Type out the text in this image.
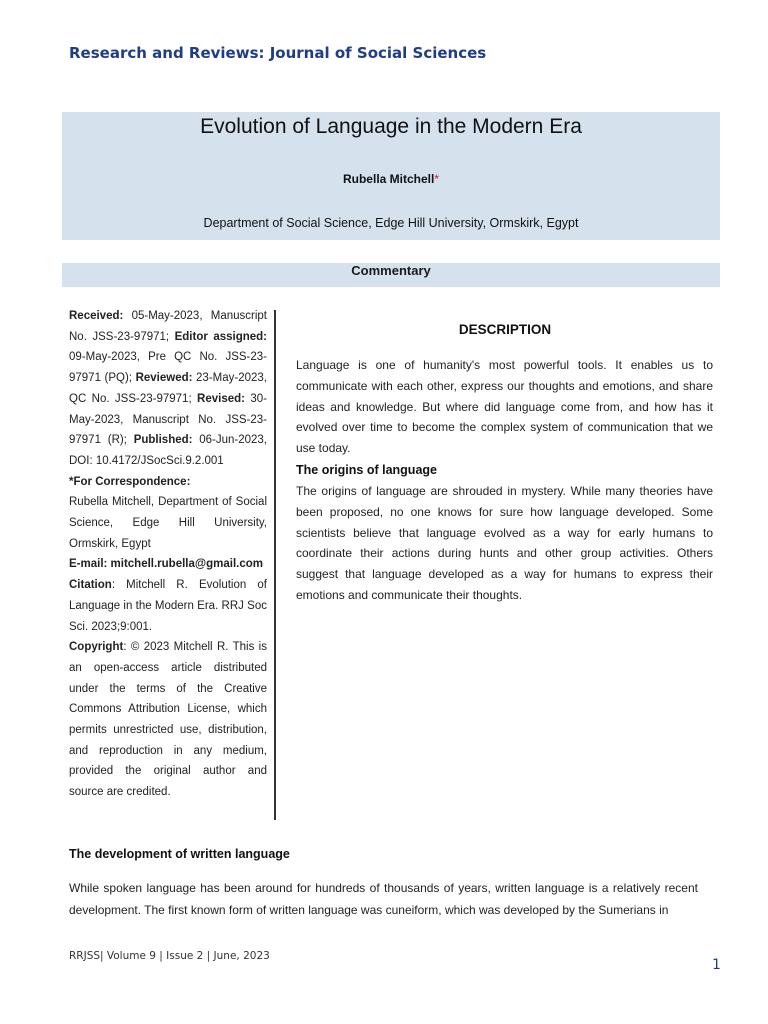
Research and Reviews: Journal of Social Sciences
Evolution of Language in the Modern Era
Rubella Mitchell*
Department of Social Science, Edge Hill University, Ormskirk, Egypt
Commentary

Received: 05-May-2023, Manuscript No. JSS-23-97971; Editor assigned: 09-May-2023, Pre QC No. JSS-23-97971 (PQ); Reviewed: 23-May-2023, QC No. JSS-23-97971; Revised: 30-May-2023, Manuscript No. JSS-23-97971 (R); Published: 06-Jun-2023, DOI: 10.4172/JSocSci.9.2.001

*For Correspondence:

Rubella Mitchell, Department of Social Science, Edge Hill University, Ormskirk, Egypt

E-mail: mitchell.rubella@gmail.com

Citation: Mitchell R. Evolution of Language in the Modern Era. RRJ Soc Sci. 2023;9:001.

Copyright: © 2023 Mitchell R. This is an open-access article distributed under the terms of the Creative Commons Attribution License, which permits unrestricted use, distribution, and reproduction in any medium, provided the original author and source are credited.

DESCRIPTION

Language is one of humanity's most powerful tools. It enables us to communicate with each other, express our thoughts and emotions, and share ideas and knowledge. But where did language come from, and how has it evolved over time to become the complex system of communication that we use today.

The origins of language

The origins of language are shrouded in mystery. While many theories have been proposed, no one knows for sure how language developed. Some scientists believe that language evolved as a way for early humans to coordinate their actions during hunts and other group activities. Others suggest that language developed as a way for humans to express their emotions and communicate their thoughts.

The development of written language
While spoken language has been around for hundreds of thousands of years, written language is a relatively recent development. The first known form of written language was cuneiform, which was developed by the Sumerians in
RRJSS| Volume 9 | Issue 2 | June, 2023
1
